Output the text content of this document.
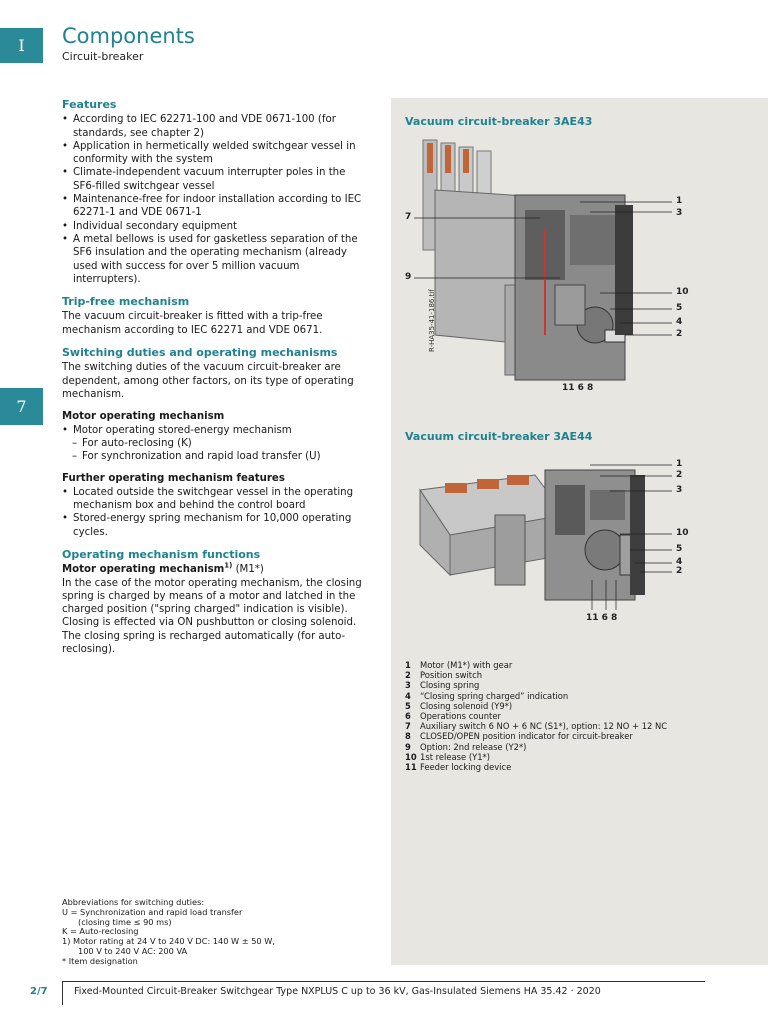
I
7
Components
Circuit-breaker
Features
• According to IEC 62271-100 and VDE 0671-100 (for standards, see chapter 2)
• Application in hermetically welded switchgear vessel in conformity with the system
• Climate-independent vacuum interrupter poles in the SF6-filled switchgear vessel
• Maintenance-free for indoor installation according to IEC 62271-1 and VDE 0671-1
• Individual secondary equipment
• A metal bellows is used for gasketless separation of the SF6 insulation and the operating mechanism (already used with success for over 5 million vacuum interrupters).
Trip-free mechanism

The vacuum circuit-breaker is fitted with a trip-free mechanism according to IEC 62271 and VDE 0671.

Switching duties and operating mechanisms

The switching duties of the vacuum circuit-breaker are dependent, among other factors, on its type of operating mechanism.

Motor operating mechanism
• Motor operating stored-energy mechanism
– For auto-reclosing (K)
– For synchronization and rapid load transfer (U)
Further operating mechanism features
• Located outside the switchgear vessel in the operating mechanism box and behind the control board
• Stored-energy spring mechanism for 10,000 operating cycles.
Operating mechanism functions
Motor operating mechanism$^{1)}$ (M1*)

In the case of the motor operating mechanism, the closing spring is charged by means of a motor and latched in the charged position ("spring charged" indication is visible). Closing is effected via ON pushbutton or closing solenoid. The closing spring is recharged automatically (for auto-reclosing).

Vacuum circuit-breaker 3AE43
7
9
1
3
10
5
4
2
11 6 8
R-HA35-41-186.tif
Vacuum circuit-breaker 3AE44
1
2
3
10
5
4
2
11 6 8
1	Motor (M1*) with gear
2	Position switch
3	Closing spring
4	“Closing spring charged” indication
5	Closing solenoid (Y9*)
6	Operations counter
7	Auxiliary switch 6 NO + 6 NC (S1*), option: 12 NO + 12 NC
8	CLOSED/OPEN position indicator for circuit-breaker
9	Option: 2nd release (Y2*)
10 1st release (Y1*)
11 Feeder locking device
Abbreviations for switching duties:
U = Synchronization and rapid load transfer
(closing time ≤ 90 ms)
K = Auto-reclosing
1) Motor rating at 24 V to 240 V DC: 140 W ± 50 W,
100 V to 240 V AC: 200 VA
* Item designation
2/7	Fixed-Mounted Circuit-Breaker Switchgear Type NXPLUS C up to 36 kV, Gas-Insulated Siemens HA 35.42 · 2020
